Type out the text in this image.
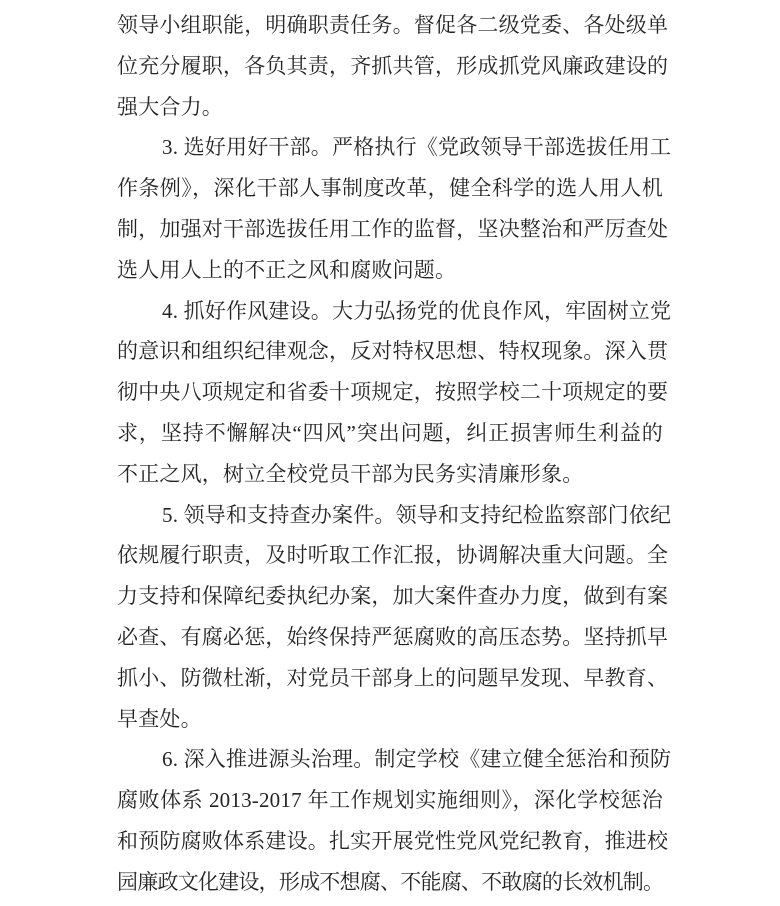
领导小组职能，明确职责任务。督促各二级党委、各处级单
位充分履职，各负其责，齐抓共管，形成抓党风廉政建设的
强大合力。
3. 选好用好干部。严格执行《党政领导干部选拔任用工
作条例》，深化干部人事制度改革，健全科学的选人用人机
制，加强对干部选拔任用工作的监督，坚决整治和严厉查处
选人用人上的不正之风和腐败问题。
4. 抓好作风建设。大力弘扬党的优良作风，牢固树立党
的意识和组织纪律观念，反对特权思想、特权现象。深入贯
彻中央八项规定和省委十项规定，按照学校二十项规定的要
求，坚持不懈解决“四风”突出问题，纠正损害师生利益的
不正之风，树立全校党员干部为民务实清廉形象。
5. 领导和支持查办案件。领导和支持纪检监察部门依纪
依规履行职责，及时听取工作汇报，协调解决重大问题。全
力支持和保障纪委执纪办案，加大案件查办力度，做到有案
必查、有腐必惩，始终保持严惩腐败的高压态势。坚持抓早
抓小、防微杜渐，对党员干部身上的问题早发现、早教育、
早查处。
6. 深入推进源头治理。制定学校《建立健全惩治和预防
腐败体系 2013-2017 年工作规划实施细则》，深化学校惩治
和预防腐败体系建设。扎实开展党性党风党纪教育，推进校
园廉政文化建设，形成不想腐、不能腐、不敢腐的长效机制。
